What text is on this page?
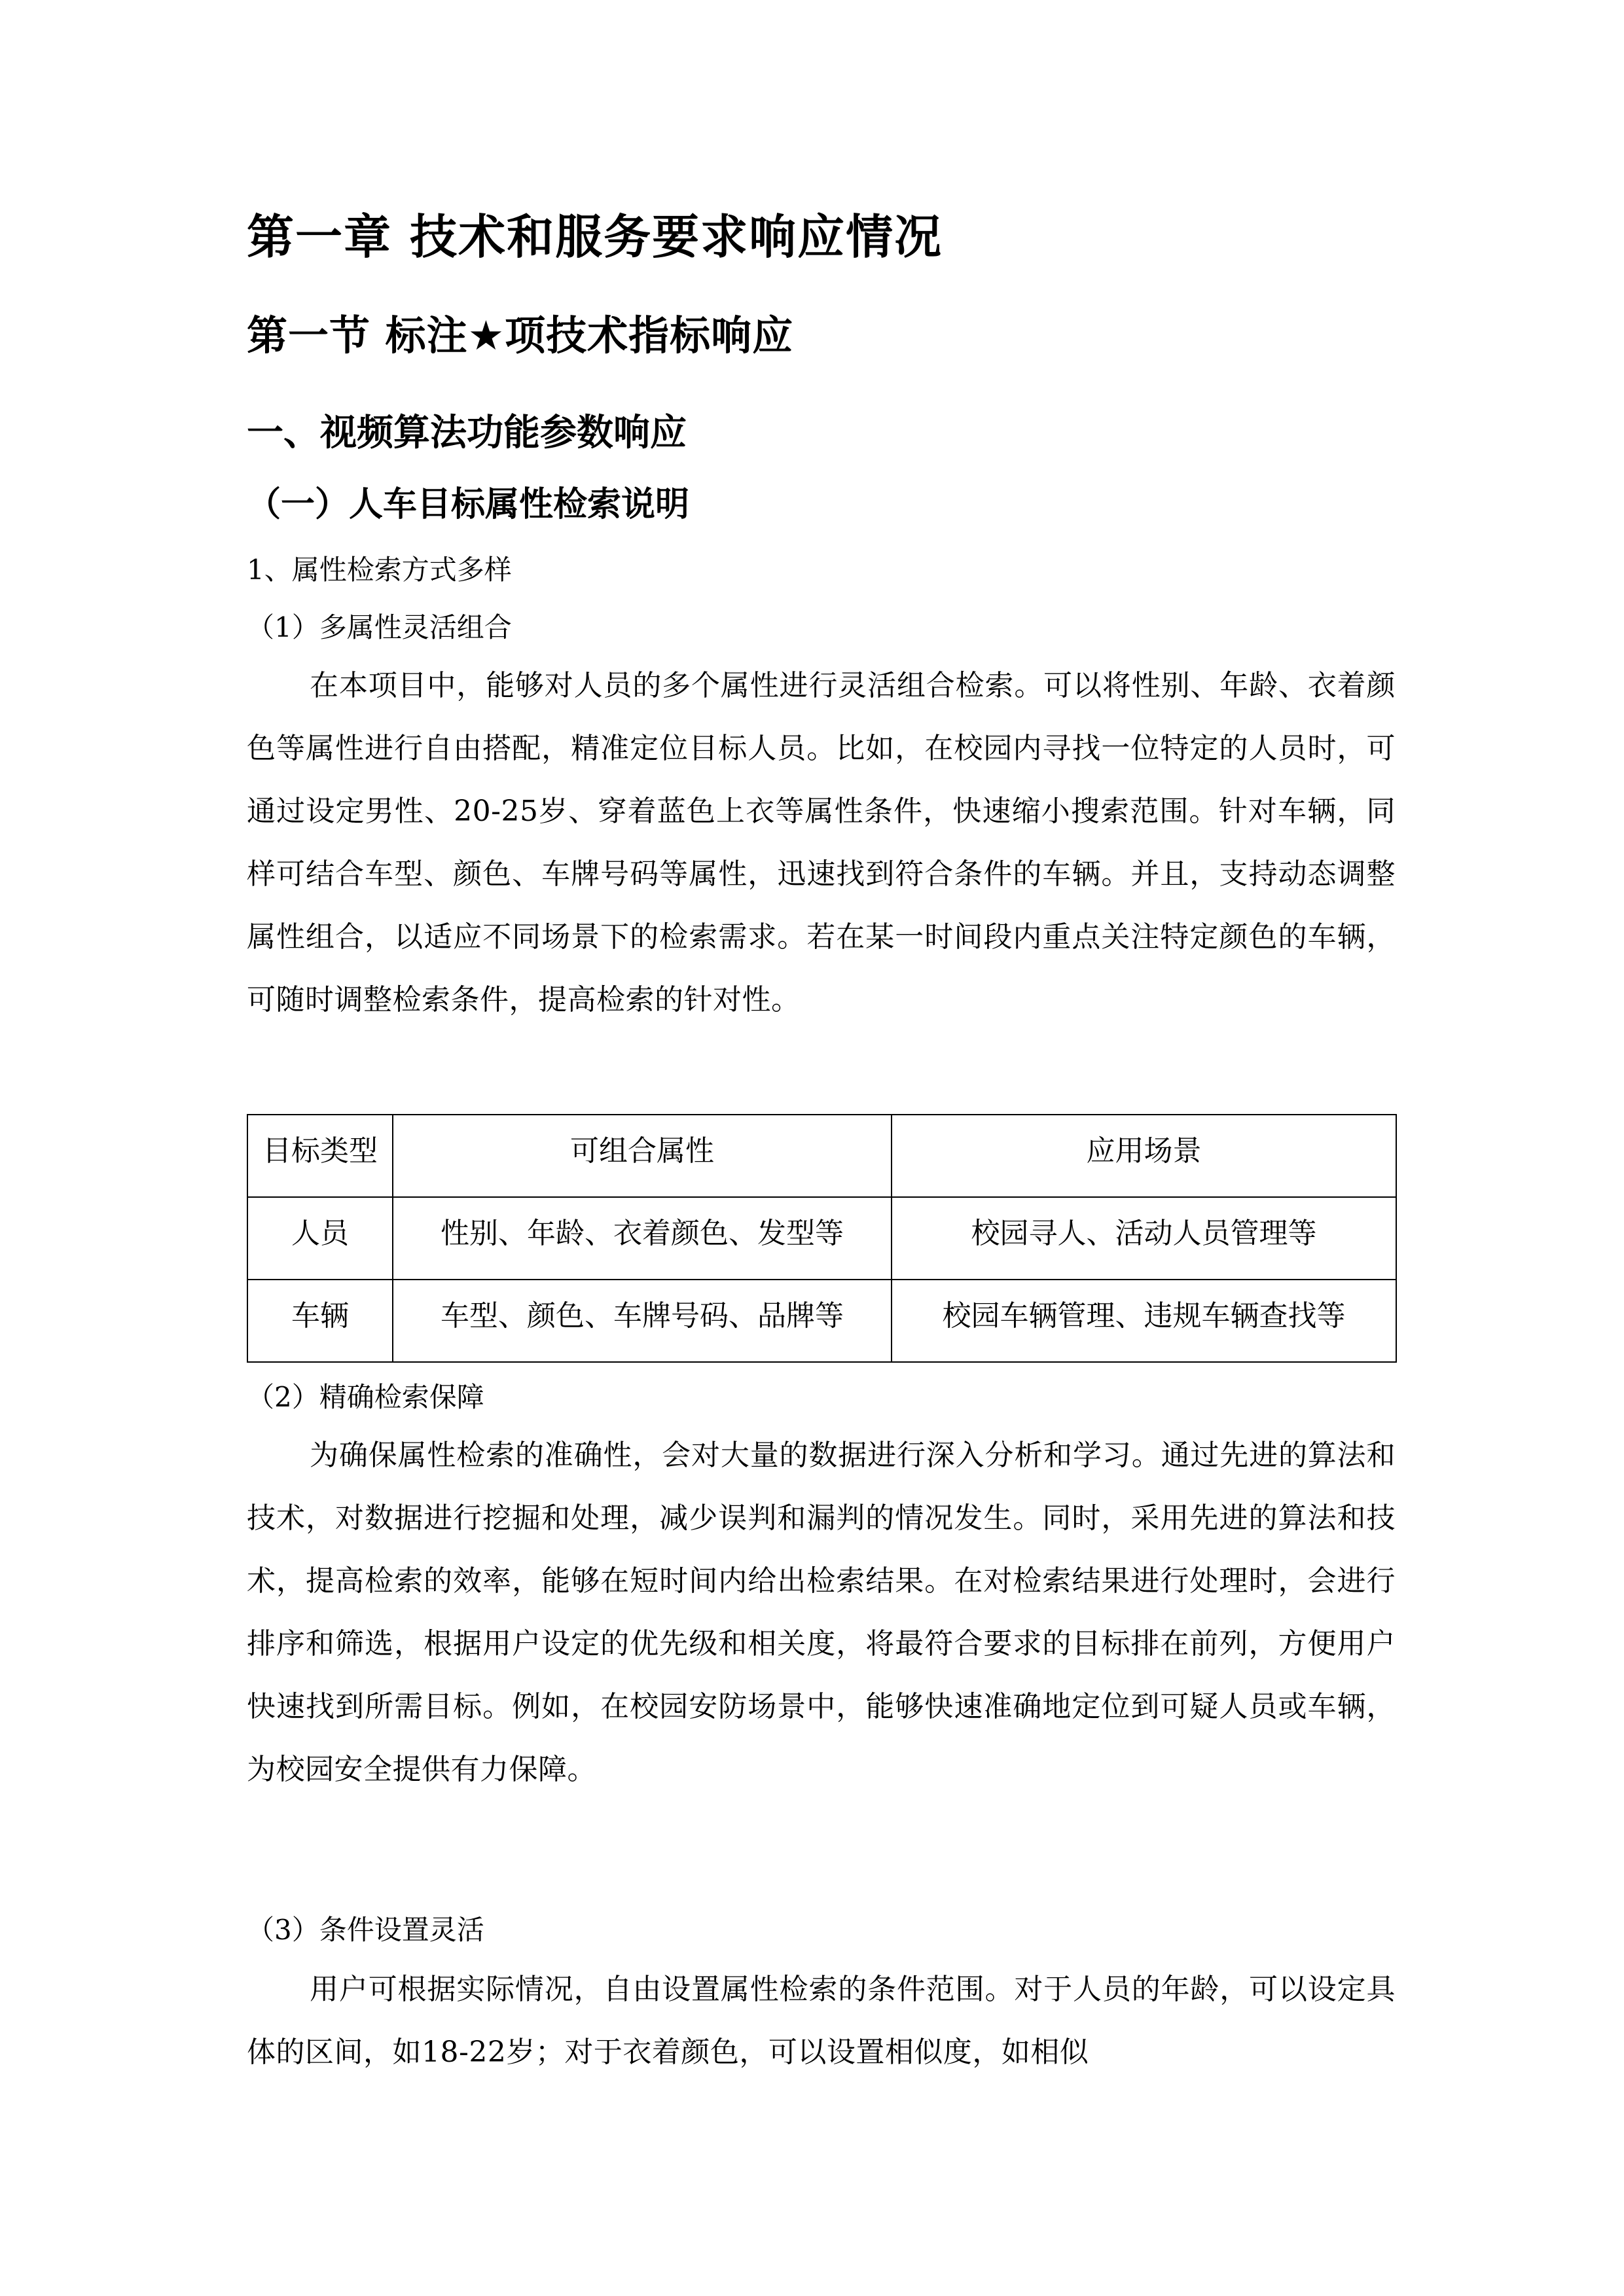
第一章 技术和服务要求响应情况
第一节 标注★项技术指标响应
一、视频算法功能参数响应
（一）人车目标属性检索说明

1、属性检索方式多样

（1）多属性灵活组合

在本项目中，能够对人员的多个属性进行灵活组合检索。可以将性别、年龄、衣着颜色等属性进行自由搭配，精准定位目标人员。比如，在校园内寻找一位特定的人员时，可通过设定男性、20-25岁、穿着蓝色上衣等属性条件，快速缩小搜索范围。针对车辆，同样可结合车型、颜色、车牌号码等属性，迅速找到符合条件的车辆。并且，支持动态调整属性组合，以适应不同场景下的检索需求。若在某一时间段内重点关注特定颜色的车辆，可随时调整检索条件，提高检索的针对性。

目标类型	可组合属性	应用场景
人员	性别、年龄、衣着颜色、发型等	校园寻人、活动人员管理等
车辆	车型、颜色、车牌号码、品牌等	校园车辆管理、违规车辆查找等

（2）精确检索保障

为确保属性检索的准确性，会对大量的数据进行深入分析和学习。通过先进的算法和技术，对数据进行挖掘和处理，减少误判和漏判的情况发生。同时，采用先进的算法和技术，提高检索的效率，能够在短时间内给出检索结果。在对检索结果进行处理时，会进行排序和筛选，根据用户设定的优先级和相关度，将最符合要求的目标排在前列，方便用户快速找到所需目标。例如，在校园安防场景中，能够快速准确地定位到可疑人员或车辆，为校园安全提供有力保障。

（3）条件设置灵活

用户可根据实际情况，自由设置属性检索的条件范围。对于人员的年龄，可以设定具体的区间，如18-22岁；对于衣着颜色，可以设置相似度，如相似
